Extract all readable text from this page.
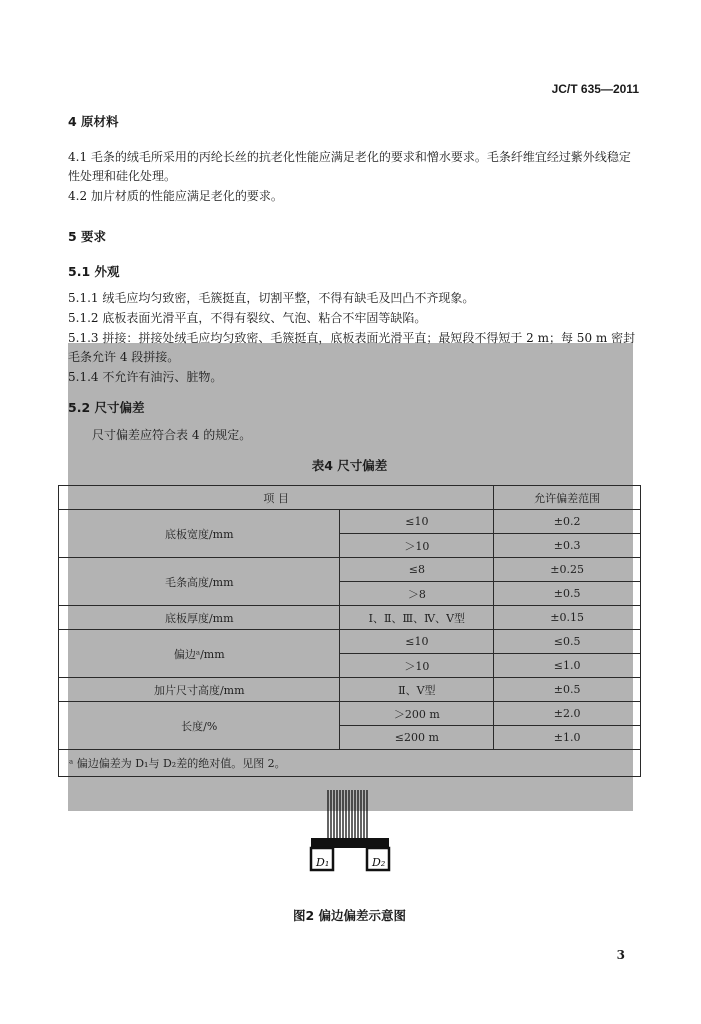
JC/T 635—2011
4 原材料
4.1 毛条的绒毛所采用的丙纶长丝的抗老化性能应满足老化的要求和憎水要求。毛条纤维宜经过紫外线稳定性处理和硅化处理。
4.2 加片材质的性能应满足老化的要求。
5 要求
5.1 外观
5.1.1 绒毛应均匀致密，毛簇挺直，切割平整，不得有缺毛及凹凸不齐现象。
5.1.2 底板表面光滑平直，不得有裂纹、气泡、粘合不牢固等缺陷。
5.1.3 拼接：拼接处绒毛应均匀致密、毛簇挺直，底板表面光滑平直；最短段不得短于 2 m；每 50 m 密封毛条允许 4 段拼接。
5.1.4 不允许有油污、脏物。
5.2 尺寸偏差
尺寸偏差应符合表 4 的规定。
表4 尺寸偏差
项 目		允许偏差范围
底板宽度/mm	≤10	±0.2
	＞10	±0.3
毛条高度/mm	≤8	±0.25
	＞8	±0.5
底板厚度/mm	Ⅰ、Ⅱ、Ⅲ、Ⅳ、Ⅴ型	±0.15
偏边ᵃ/mm	≤10	≤0.5
	＞10	≤1.0
加片尺寸高度/mm	Ⅱ、Ⅴ型	±0.5
长度/%	＞200 m	±2.0
	≤200 m	±1.0
ᵃ 偏边偏差为 D₁与 D₂差的绝对值。见图 2。		
D₁	D₂
图2 偏边偏差示意图
3
